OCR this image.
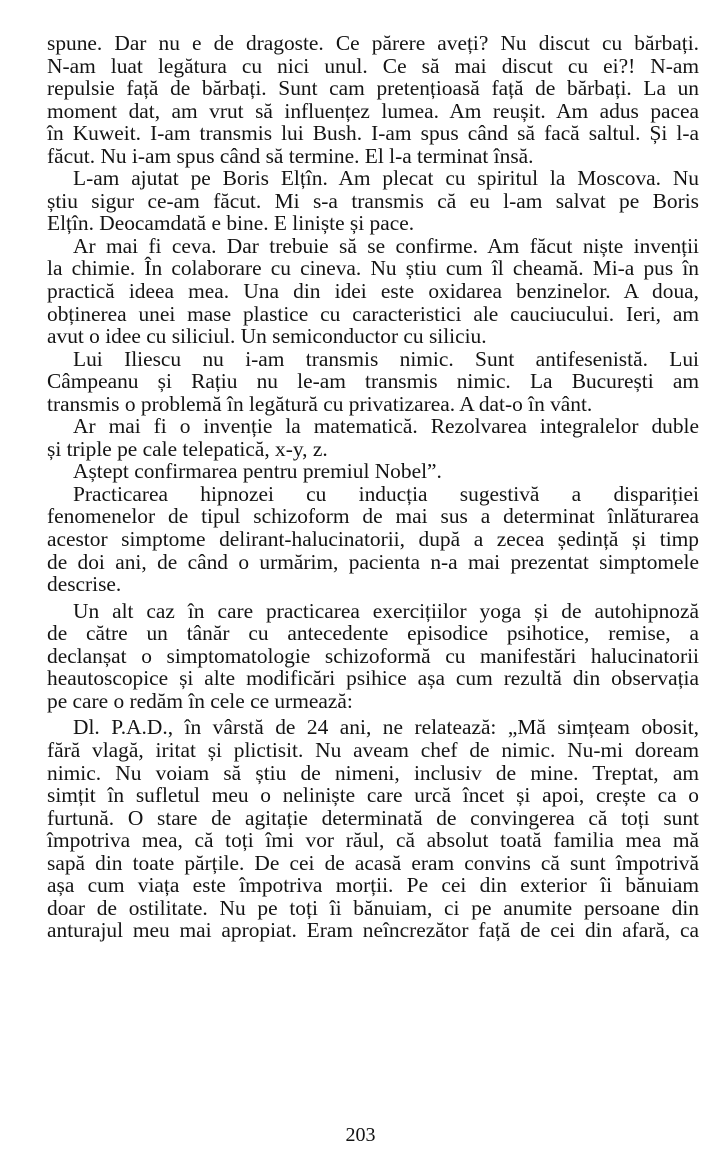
spune. Dar nu e de dragoste. Ce părere aveți? Nu discut cu bărbați.
N-am luat legătura cu nici unul. Ce să mai discut cu ei?! N-am
repulsie față de bărbați. Sunt cam pretențioasă față de bărbați. La un
moment dat, am vrut să influențez lumea. Am reușit. Am adus pacea
în Kuweit. I-am transmis lui Bush. I-am spus când să facă saltul. Și l-a
făcut. Nu i-am spus când să termine. El l-a terminat însă.
L-am ajutat pe Boris Elțîn. Am plecat cu spiritul la Moscova. Nu
știu sigur ce-am făcut. Mi s-a transmis că eu l-am salvat pe Boris
Elțîn. Deocamdată e bine. E liniște și pace.
Ar mai fi ceva. Dar trebuie să se confirme. Am făcut niște invenții
la chimie. În colaborare cu cineva. Nu știu cum îl cheamă. Mi-a pus în
practică ideea mea. Una din idei este oxidarea benzinelor. A doua,
obținerea unei mase plastice cu caracteristici ale cauciucului. Ieri, am
avut o idee cu siliciul. Un semiconductor cu siliciu.
Lui Iliescu nu i-am transmis nimic. Sunt antifesenistă. Lui
Câmpeanu și Rațiu nu le-am transmis nimic. La București am
transmis o problemă în legătură cu privatizarea. A dat-o în vânt.
Ar mai fi o invenție la matematică. Rezolvarea integralelor duble
și triple pe cale telepatică, x-y, z.
Aștept confirmarea pentru premiul Nobel”.
Practicarea hipnozei cu inducția sugestivă a dispariției
fenomenelor de tipul schizoform de mai sus a determinat înlăturarea
acestor simptome delirant-halucinatorii, după a zecea ședință și timp
de doi ani, de când o urmărim, pacienta n-a mai prezentat simptomele
descrise.
Un alt caz în care practicarea exercițiilor yoga și de autohipnoză
de către un tânăr cu antecedente episodice psihotice, remise, a
declanșat o simptomatologie schizoformă cu manifestări halucinatorii
heautoscopice și alte modificări psihice așa cum rezultă din observația
pe care o redăm în cele ce urmează:
Dl. P.A.D., în vârstă de 24 ani, ne relatează: „Mă simțeam obosit,
fără vlagă, iritat și plictisit. Nu aveam chef de nimic. Nu-mi doream
nimic. Nu voiam să știu de nimeni, inclusiv de mine. Treptat, am
simțit în sufletul meu o neliniște care urcă încet și apoi, crește ca o
furtună. O stare de agitație determinată de convingerea că toți sunt
împotriva mea, că toți îmi vor răul, că absolut toată familia mea mă
sapă din toate părțile. De cei de acasă eram convins că sunt împotrivă
așa cum viața este împotriva morții. Pe cei din exterior îi bănuiam
doar de ostilitate. Nu pe toți îi bănuiam, ci pe anumite persoane din
anturajul meu mai apropiat. Eram neîncrezător față de cei din afară, ca
203
